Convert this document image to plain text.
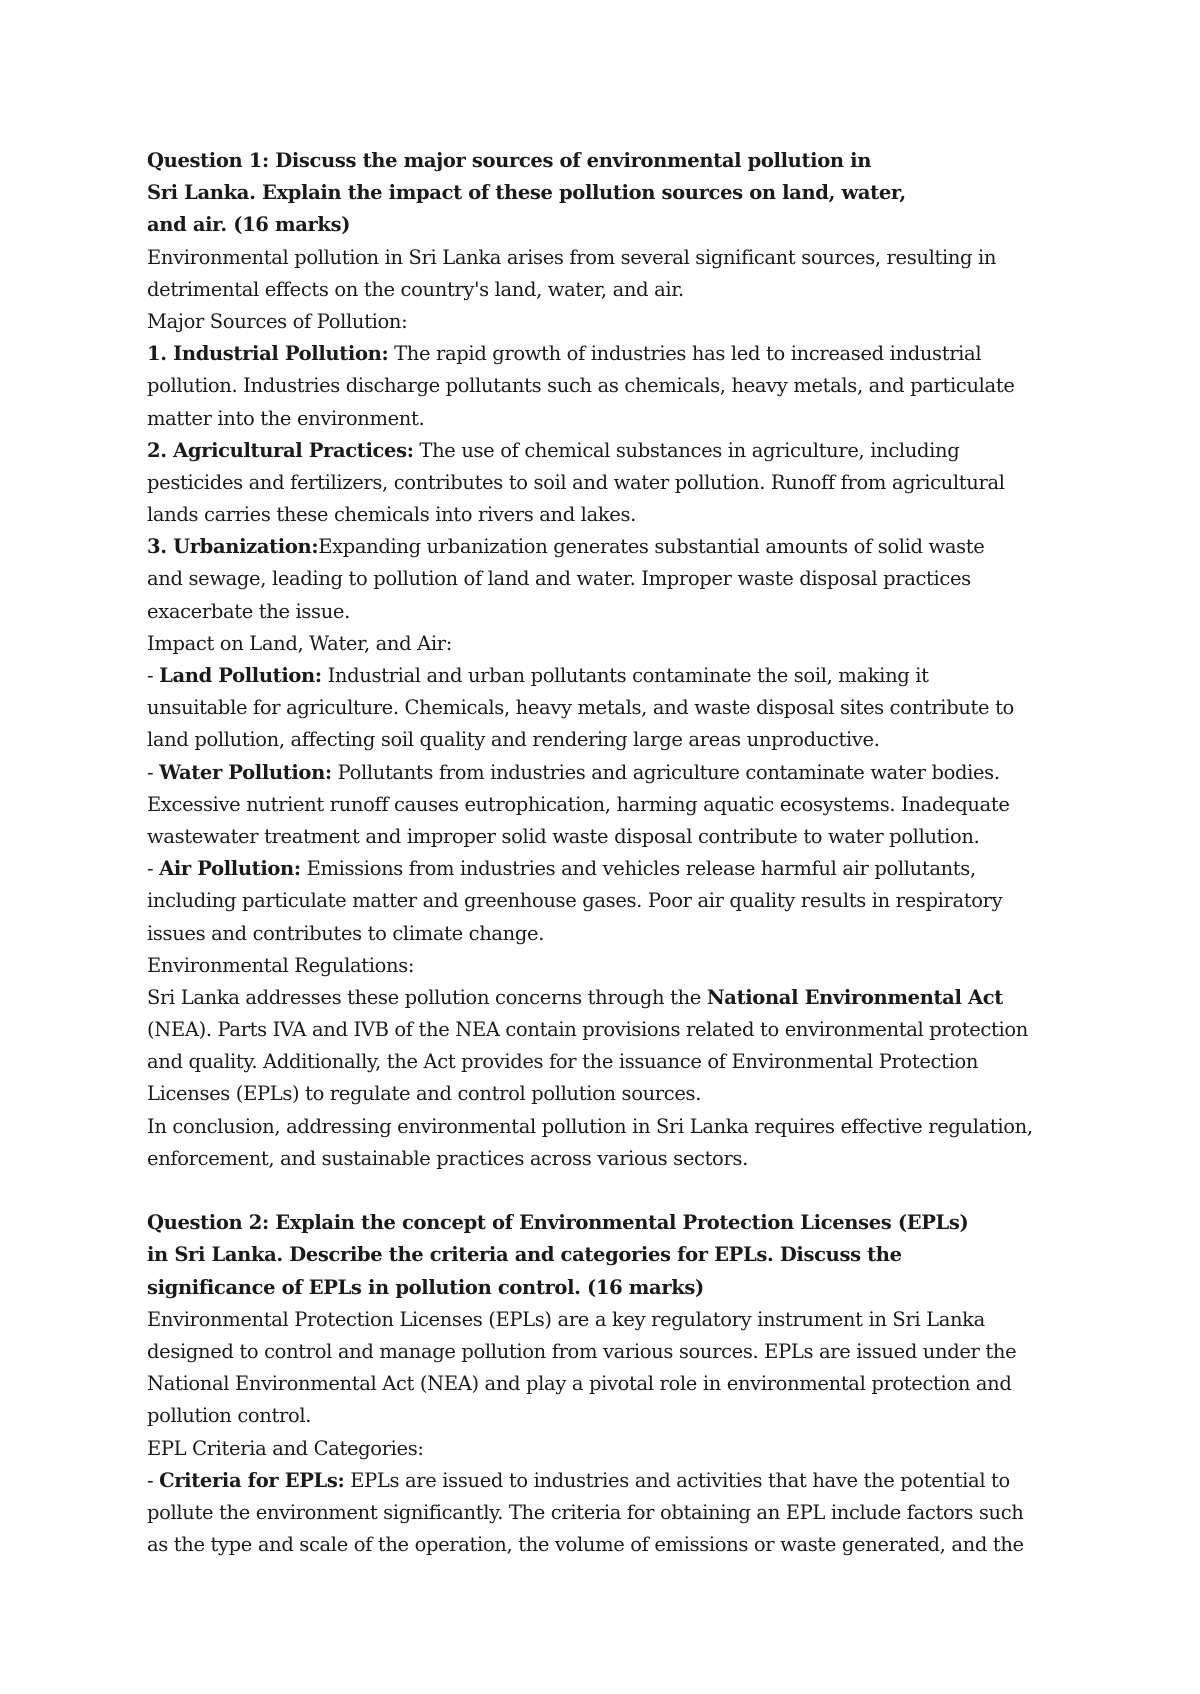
Question 1: Discuss the major sources of environmental pollution in
Sri Lanka. Explain the impact of these pollution sources on land, water,
and air. (16 marks)
Environmental pollution in Sri Lanka arises from several significant sources, resulting in
detrimental effects on the country's land, water, and air.
Major Sources of Pollution:
1. Industrial Pollution: The rapid growth of industries has led to increased industrial
pollution. Industries discharge pollutants such as chemicals, heavy metals, and particulate
matter into the environment.
2. Agricultural Practices: The use of chemical substances in agriculture, including
pesticides and fertilizers, contributes to soil and water pollution. Runoff from agricultural
lands carries these chemicals into rivers and lakes.
3. Urbanization:Expanding urbanization generates substantial amounts of solid waste
and sewage, leading to pollution of land and water. Improper waste disposal practices
exacerbate the issue.
Impact on Land, Water, and Air:
- Land Pollution: Industrial and urban pollutants contaminate the soil, making it
unsuitable for agriculture. Chemicals, heavy metals, and waste disposal sites contribute to
land pollution, affecting soil quality and rendering large areas unproductive.
- Water Pollution: Pollutants from industries and agriculture contaminate water bodies.
Excessive nutrient runoff causes eutrophication, harming aquatic ecosystems. Inadequate
wastewater treatment and improper solid waste disposal contribute to water pollution.
- Air Pollution: Emissions from industries and vehicles release harmful air pollutants,
including particulate matter and greenhouse gases. Poor air quality results in respiratory
issues and contributes to climate change.
Environmental Regulations:
Sri Lanka addresses these pollution concerns through the National Environmental Act
(NEA). Parts IVA and IVB of the NEA contain provisions related to environmental protection
and quality. Additionally, the Act provides for the issuance of Environmental Protection
Licenses (EPLs) to regulate and control pollution sources.
In conclusion, addressing environmental pollution in Sri Lanka requires effective regulation,
enforcement, and sustainable practices across various sectors.
Question 2: Explain the concept of Environmental Protection Licenses (EPLs)
in Sri Lanka. Describe the criteria and categories for EPLs. Discuss the
significance of EPLs in pollution control. (16 marks)
Environmental Protection Licenses (EPLs) are a key regulatory instrument in Sri Lanka
designed to control and manage pollution from various sources. EPLs are issued under the
National Environmental Act (NEA) and play a pivotal role in environmental protection and
pollution control.
EPL Criteria and Categories:
- Criteria for EPLs: EPLs are issued to industries and activities that have the potential to
pollute the environment significantly. The criteria for obtaining an EPL include factors such
as the type and scale of the operation, the volume of emissions or waste generated, and the
